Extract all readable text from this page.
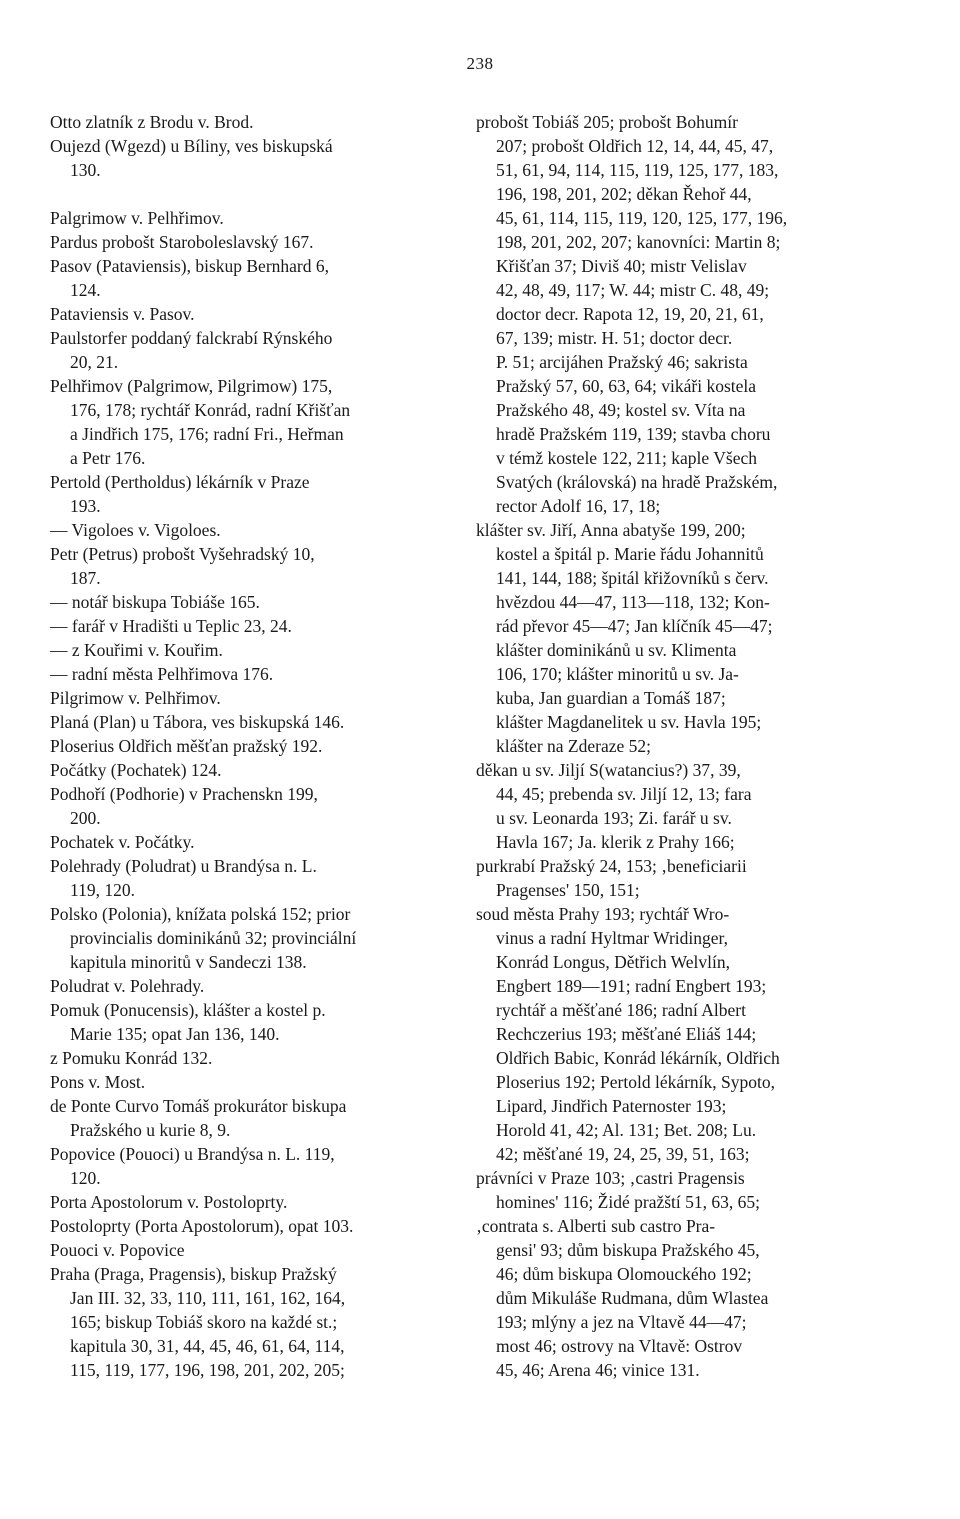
238
Otto zlatník z Brodu v. Brod.
Oujezd (Wgezd) u Bíliny, ves biskupská
130.
Palgrimow v. Pelhřimov.
Pardus probošt Staroboleslavský 167.
Pasov (Pataviensis), biskup Bernhard 6,
124.
Pataviensis v. Pasov.
Paulstorfer poddaný falckrabí Rýnského
20, 21.
Pelhřimov (Palgrimow, Pilgrimow) 175,
176, 178; rychtář Konrád, radní Křišťan
a Jindřich 175, 176; radní Fri., Heřman
a Petr 176.
Pertold (Pertholdus) lékárník v Praze
193.
— Vigoloes v. Vigoloes.
Petr (Petrus) probošt Vyšehradský 10,
187.
— notář biskupa Tobiáše 165.
— farář v Hradišti u Teplic 23, 24.
— z Kouřimi v. Kouřim.
— radní města Pelhřimova 176.
Pilgrimow v. Pelhřimov.
Planá (Plan) u Tábora, ves biskupská 146.
Ploserius Oldřich měšťan pražský 192.
Počátky (Pochatek) 124.
Podhoří (Podhorie) v Prachenskn 199,
200.
Pochatek v. Počátky.
Polehrady (Poludrat) u Brandýsa n. L.
119, 120.
Polsko (Polonia), knížata polská 152; prior
provincialis dominikánů 32; provinciální
kapitula minoritů v Sandeczi 138.
Poludrat v. Polehrady.
Pomuk (Ponucensis), klášter a kostel p.
Marie 135; opat Jan 136, 140.
z Pomuku Konrád 132.
Pons v. Most.
de Ponte Curvo Tomáš prokurátor biskupa
Pražského u kurie 8, 9.
Popovice (Pouoci) u Brandýsa n. L. 119,
120.
Porta Apostolorum v. Postoloprty.
Postoloprty (Porta Apostolorum), opat 103.
Pouoci v. Popovice
Praha (Praga, Pragensis), biskup Pražský
Jan III. 32, 33, 110, 111, 161, 162, 164,
165; biskup Tobiáš skoro na každé st.;
kapitula 30, 31, 44, 45, 46, 61, 64, 114,
115, 119, 177, 196, 198, 201, 202, 205;
probošt Tobiáš 205; probošt Bohumír
207; probošt Oldřich 12, 14, 44, 45, 47,
51, 61, 94, 114, 115, 119, 125, 177, 183,
196, 198, 201, 202; děkan Řehoř 44,
45, 61, 114, 115, 119, 120, 125, 177, 196,
198, 201, 202, 207; kanovníci: Martin 8;
Křišťan 37; Diviš 40; mistr Velislav
42, 48, 49, 117; W. 44; mistr C. 48, 49;
doctor decr. Rapota 12, 19, 20, 21, 61,
67, 139; mistr. H. 51; doctor decr.
P. 51; arcijáhen Pražský 46; sakrista
Pražský 57, 60, 63, 64; vikáři kostela
Pražského 48, 49; kostel sv. Víta na
hradě Pražském 119, 139; stavba choru
v témž kostele 122, 211; kaple Všech
Svatých (královská) na hradě Pražském,
rector Adolf 16, 17, 18;
klášter sv. Jiří, Anna abatyše 199, 200;
kostel a špitál p. Marie řádu Johannitů
141, 144, 188; špitál křižovníků s červ.
hvězdou 44—47, 113—118, 132; Kon-
rád převor 45—47; Jan klíčník 45—47;
klášter dominikánů u sv. Klimenta
106, 170; klášter minoritů u sv. Ja-
kuba, Jan guardian a Tomáš 187;
klášter Magdanelitek u sv. Havla 195;
klášter na Zderaze 52;
děkan u sv. Jiljí S(watancius?) 37, 39,
44, 45; prebenda sv. Jiljí 12, 13; fara
u sv. Leonarda 193; Zi. farář u sv.
Havla 167; Ja. klerik z Prahy 166;
purkrabí Pražský 24, 153; ‚beneficiarii
Pragenses' 150, 151;
soud města Prahy 193; rychtář Wro-
vinus a radní Hyltmar Wridinger,
Konrád Longus, Dětřich Welvlín,
Engbert 189—191; radní Engbert 193;
rychtář a měšťané 186; radní Albert
Rechczerius 193; měšťané Eliáš 144;
Oldřich Babic, Konrád lékárník, Oldřich
Ploserius 192; Pertold lékárník, Sypoto,
Lipard, Jindřich Paternoster 193;
Horold 41, 42; Al. 131; Bet. 208; Lu.
42; měšťané 19, 24, 25, 39, 51, 163;
právníci v Praze 103; ‚castri Pragensis
homines' 116; Židé pražští 51, 63, 65;
‚contrata s. Alberti sub castro Pra-
gensi' 93; dům biskupa Pražského 45,
46; dům biskupa Olomouckého 192;
dům Mikuláše Rudmana, dům Wlastea
193; mlýny a jez na Vltavě 44—47;
most 46; ostrovy na Vltavě: Ostrov
45, 46; Arena 46; vinice 131.
